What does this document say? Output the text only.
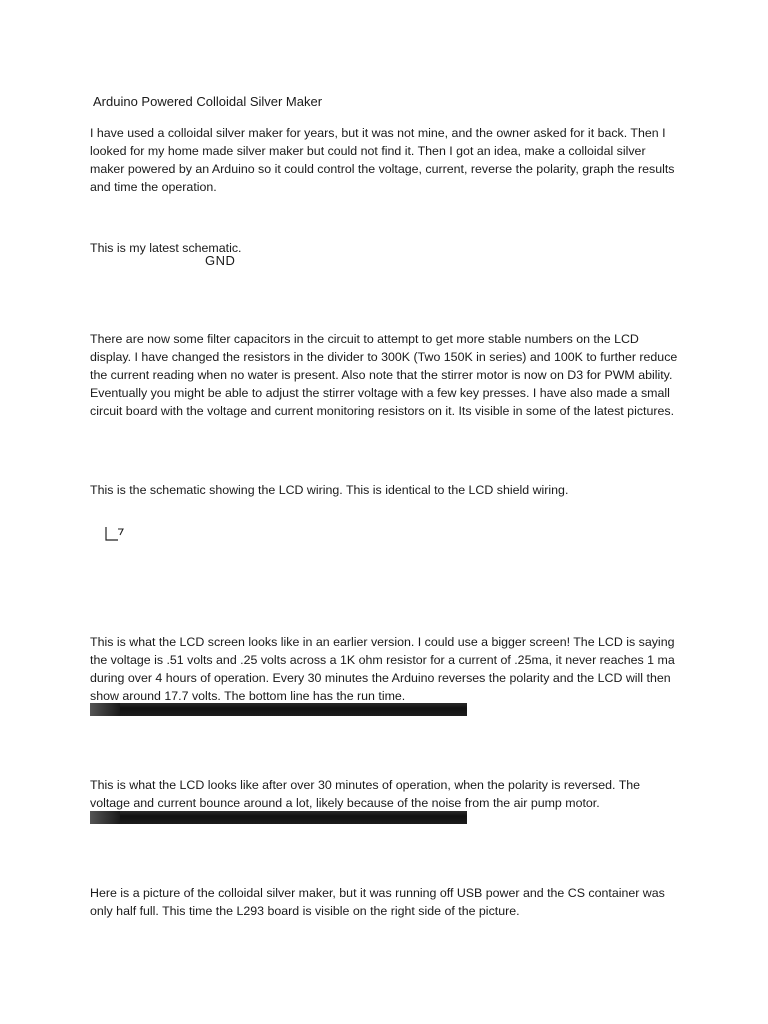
Arduino Powered Colloidal Silver Maker

I have used a colloidal silver maker for years, but it was not mine, and the owner asked for it back. Then I looked for my home made silver maker but could not find it. Then I got an idea, make a colloidal silver maker powered by an Arduino so it could control the voltage, current, reverse the polarity, graph the results and time the operation.

This is my latest schematic.

GND

There are now some filter capacitors in the circuit to attempt to get more stable numbers on the LCD display. I have changed the resistors in the divider to 300K (Two 150K in series) and 100K to further reduce the current reading when no water is present. Also note that the stirrer motor is now on D3 for PWM ability. Eventually you might be able to adjust the stirrer voltage with a few key presses. I have also made a small circuit board with the voltage and current monitoring resistors on it. Its visible in some of the latest pictures.

This is the schematic showing the LCD wiring. This is identical to the LCD shield wiring.

This is what the LCD screen looks like in an earlier version. I could use a bigger screen! The LCD is saying the voltage is .51 volts and .25 volts across a 1K ohm resistor for a current of .25ma, it never reaches 1 ma during over 4 hours of operation. Every 30 minutes the Arduino reverses the polarity and the LCD will then show around 17.7 volts. The bottom line has the run time.

This is what the LCD looks like after over 30 minutes of operation, when the polarity is reversed. The voltage and current bounce around a lot, likely because of the noise from the air pump motor.

Here is a picture of the colloidal silver maker, but it was running off USB power and the CS container was only half full. This time the L293 board is visible on the right side of the picture.
